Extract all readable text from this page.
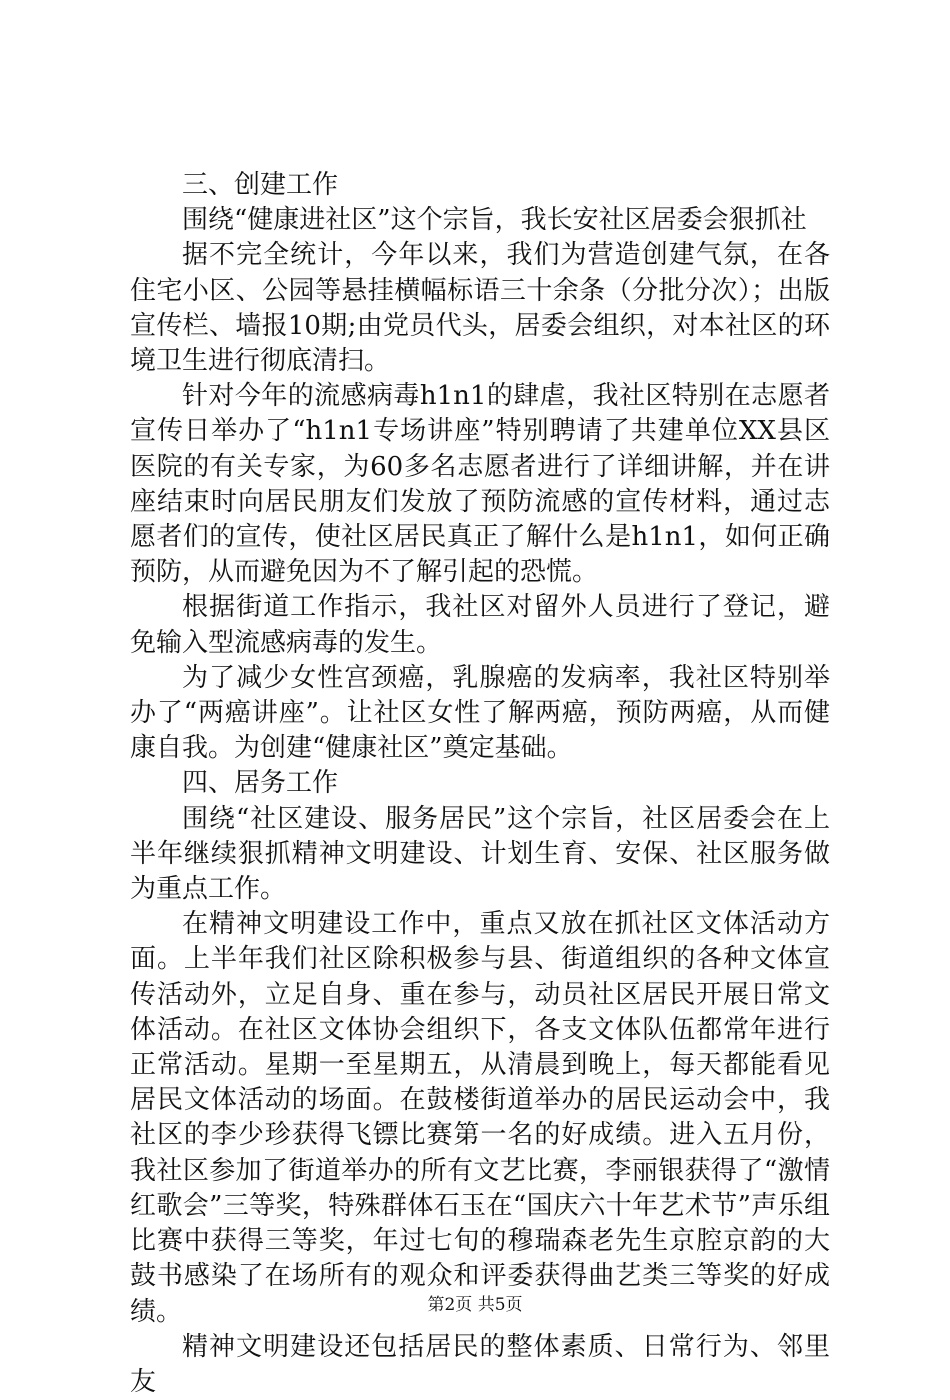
三、创建工作

围绕“健康进社区”这个宗旨，我长安社区居委会狠抓社

据不完全统计，今年以来，我们为营造创建气氛，在各住宅小区、公园等悬挂横幅标语三十余条（分批分次）；出版宣传栏、墙报10期;由党员代头，居委会组织，对本社区的环境卫生进行彻底清扫。

针对今年的流感病毒h1n1的肆虐，我社区特别在志愿者宣传日举办了“h1n1专场讲座”特别聘请了共建单位XX县区医院的有关专家，为60多名志愿者进行了详细讲解，并在讲座结束时向居民朋友们发放了预防流感的宣传材料，通过志愿者们的宣传，使社区居民真正了解什么是h1n1，如何正确预防，从而避免因为不了解引起的恐慌。

根据街道工作指示，我社区对留外人员进行了登记，避免输入型流感病毒的发生。

为了减少女性宫颈癌，乳腺癌的发病率，我社区特别举办了“两癌讲座”。让社区女性了解两癌，预防两癌，从而健康自我。为创建“健康社区”奠定基础。

四、居务工作

围绕“社区建设、服务居民”这个宗旨，社区居委会在上半年继续狠抓精神文明建设、计划生育、安保、社区服务做为重点工作。

在精神文明建设工作中，重点又放在抓社区文体活动方面。上半年我们社区除积极参与县、街道组织的各种文体宣传活动外，立足自身、重在参与，动员社区居民开展日常文体活动。在社区文体协会组织下，各支文体队伍都常年进行正常活动。星期一至星期五，从清晨到晚上，每天都能看见居民文体活动的场面。在鼓楼街道举办的居民运动会中，我社区的李少珍获得飞镖比赛第一名的好成绩。进入五月份，我社区参加了街道举办的所有文艺比赛，李丽银获得了“激情红歌会”三等奖，特殊群体石玉在“国庆六十年艺术节”声乐组比赛中获得三等奖，年过七旬的穆瑞森老先生京腔京韵的大鼓书感染了在场所有的观众和评委获得曲艺类三等奖的好成绩。

精神文明建设还包括居民的整体素质、日常行为、邻里友

第2页 共5页
